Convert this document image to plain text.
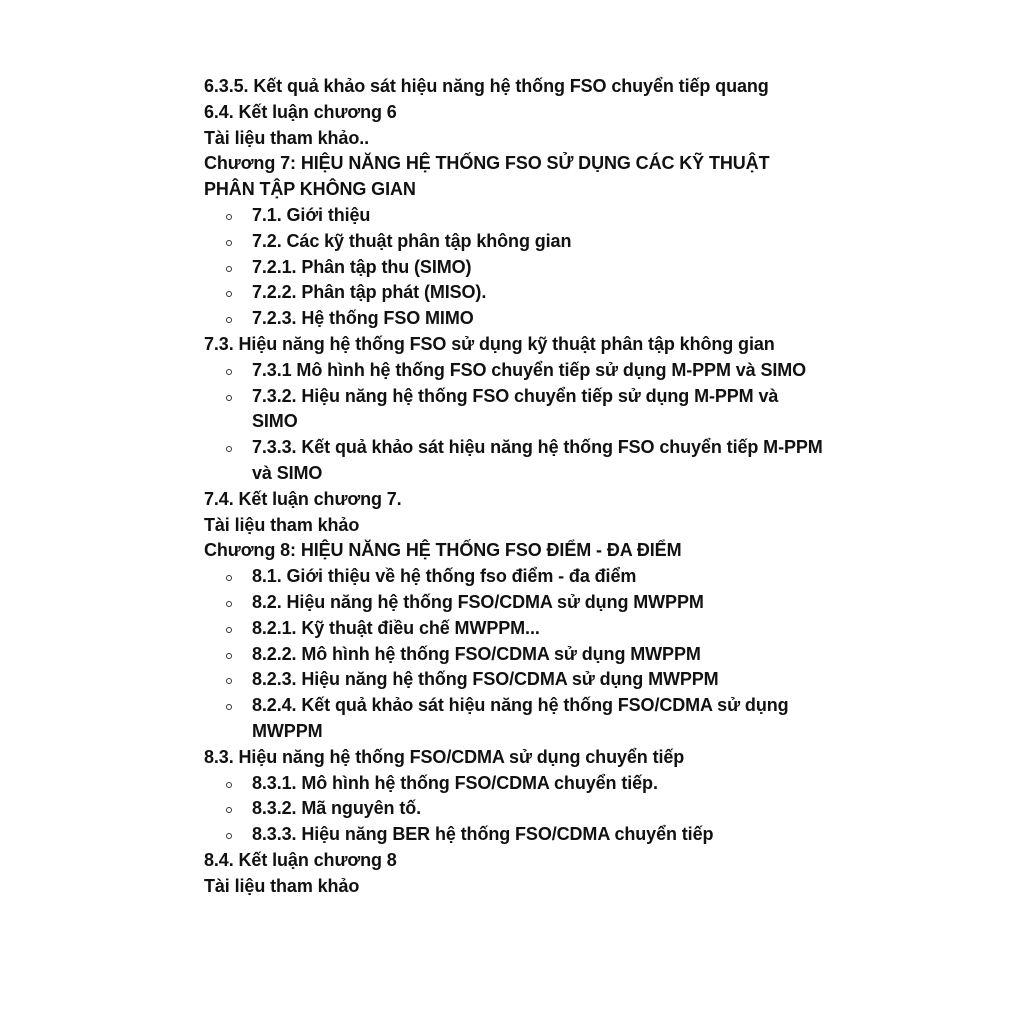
6.3.5. Kết quả khảo sát hiệu năng hệ thống FSO chuyển tiếp quang

6.4. Kết luận chương 6

Tài liệu tham khảo..

Chương 7: HIỆU NĂNG HỆ THỐNG FSO SỬ DỤNG CÁC KỸ THUẬT PHÂN TẬP KHÔNG GIAN

7.1. Giới thiệu
7.2. Các kỹ thuật phân tập không gian
7.2.1. Phân tập thu (SIMO)
7.2.2. Phân tập phát (MISO).
7.2.3. Hệ thống FSO MIMO

7.3. Hiệu năng hệ thống FSO sử dụng kỹ thuật phân tập không gian

7.3.1 Mô hình hệ thống FSO chuyển tiếp sử dụng M-PPM và SIMO
7.3.2. Hiệu năng hệ thống FSO chuyển tiếp sử dụng M-PPM và SIMO
7.3.3. Kết quả khảo sát hiệu năng hệ thống FSO chuyển tiếp M-PPM và SIMO

7.4. Kết luận chương 7.

Tài liệu tham khảo

Chương 8: HIỆU NĂNG HỆ THỐNG FSO ĐIỂM - ĐA ĐIỂM

8.1. Giới thiệu về hệ thống fso điểm - đa điểm
8.2. Hiệu năng hệ thống FSO/CDMA sử dụng MWPPM
8.2.1. Kỹ thuật điều chế MWPPM...
8.2.2. Mô hình hệ thống FSO/CDMA sử dụng MWPPM
8.2.3. Hiệu năng hệ thống FSO/CDMA sử dụng MWPPM
8.2.4. Kết quả khảo sát hiệu năng hệ thống FSO/CDMA sử dụng MWPPM

8.3. Hiệu năng hệ thống FSO/CDMA sử dụng chuyển tiếp

8.3.1. Mô hình hệ thống FSO/CDMA chuyển tiếp.
8.3.2. Mã nguyên tố.
8.3.3. Hiệu năng BER hệ thống FSO/CDMA chuyển tiếp

8.4. Kết luận chương 8

Tài liệu tham khảo
